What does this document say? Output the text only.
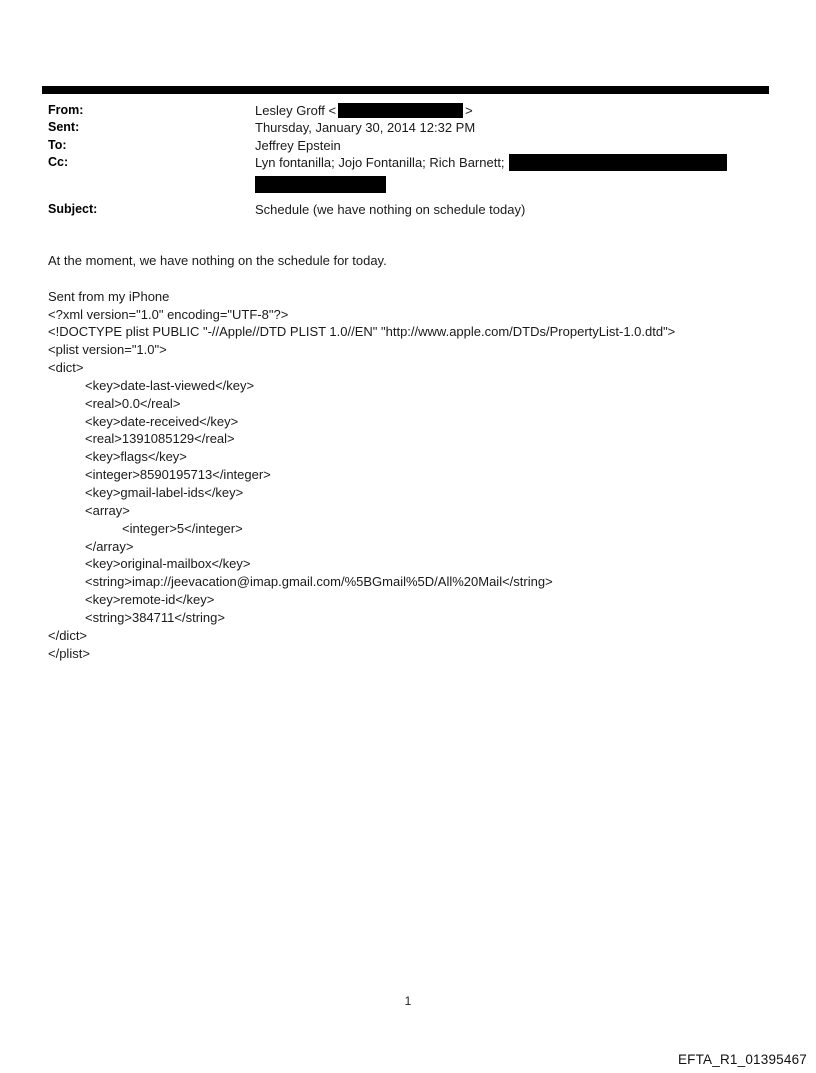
From:	Lesley Groff <	>
Sent:	Thursday, January 30, 2014 12:32 PM
To:	Jeffrey Epstein
Cc:	Lyn fontanilla; Jojo Fontanilla; Rich Barnett;
Subject:	Schedule (we have nothing on schedule today)
At the moment, we have nothing on the schedule for today.
Sent from my iPhone
<?xml version="1.0" encoding="UTF-8"?>
<!DOCTYPE plist PUBLIC "-//Apple//DTD PLIST 1.0//EN" "http://www.apple.com/DTDs/PropertyList-1.0.dtd">
<plist version="1.0">
<dict>
<key>date-last-viewed</key>
<real>0.0</real>
<key>date-received</key>
<real>1391085129</real>
<key>flags</key>
<integer>8590195713</integer>
<key>gmail-label-ids</key>
<array>
<integer>5</integer>
</array>
<key>original-mailbox</key>
<string>imap://jeevacation@imap.gmail.com/%5BGmail%5D/All%20Mail</string>
<key>remote-id</key>
<string>384711</string>
</dict>
</plist>
1
EFTA_R1_01395467
